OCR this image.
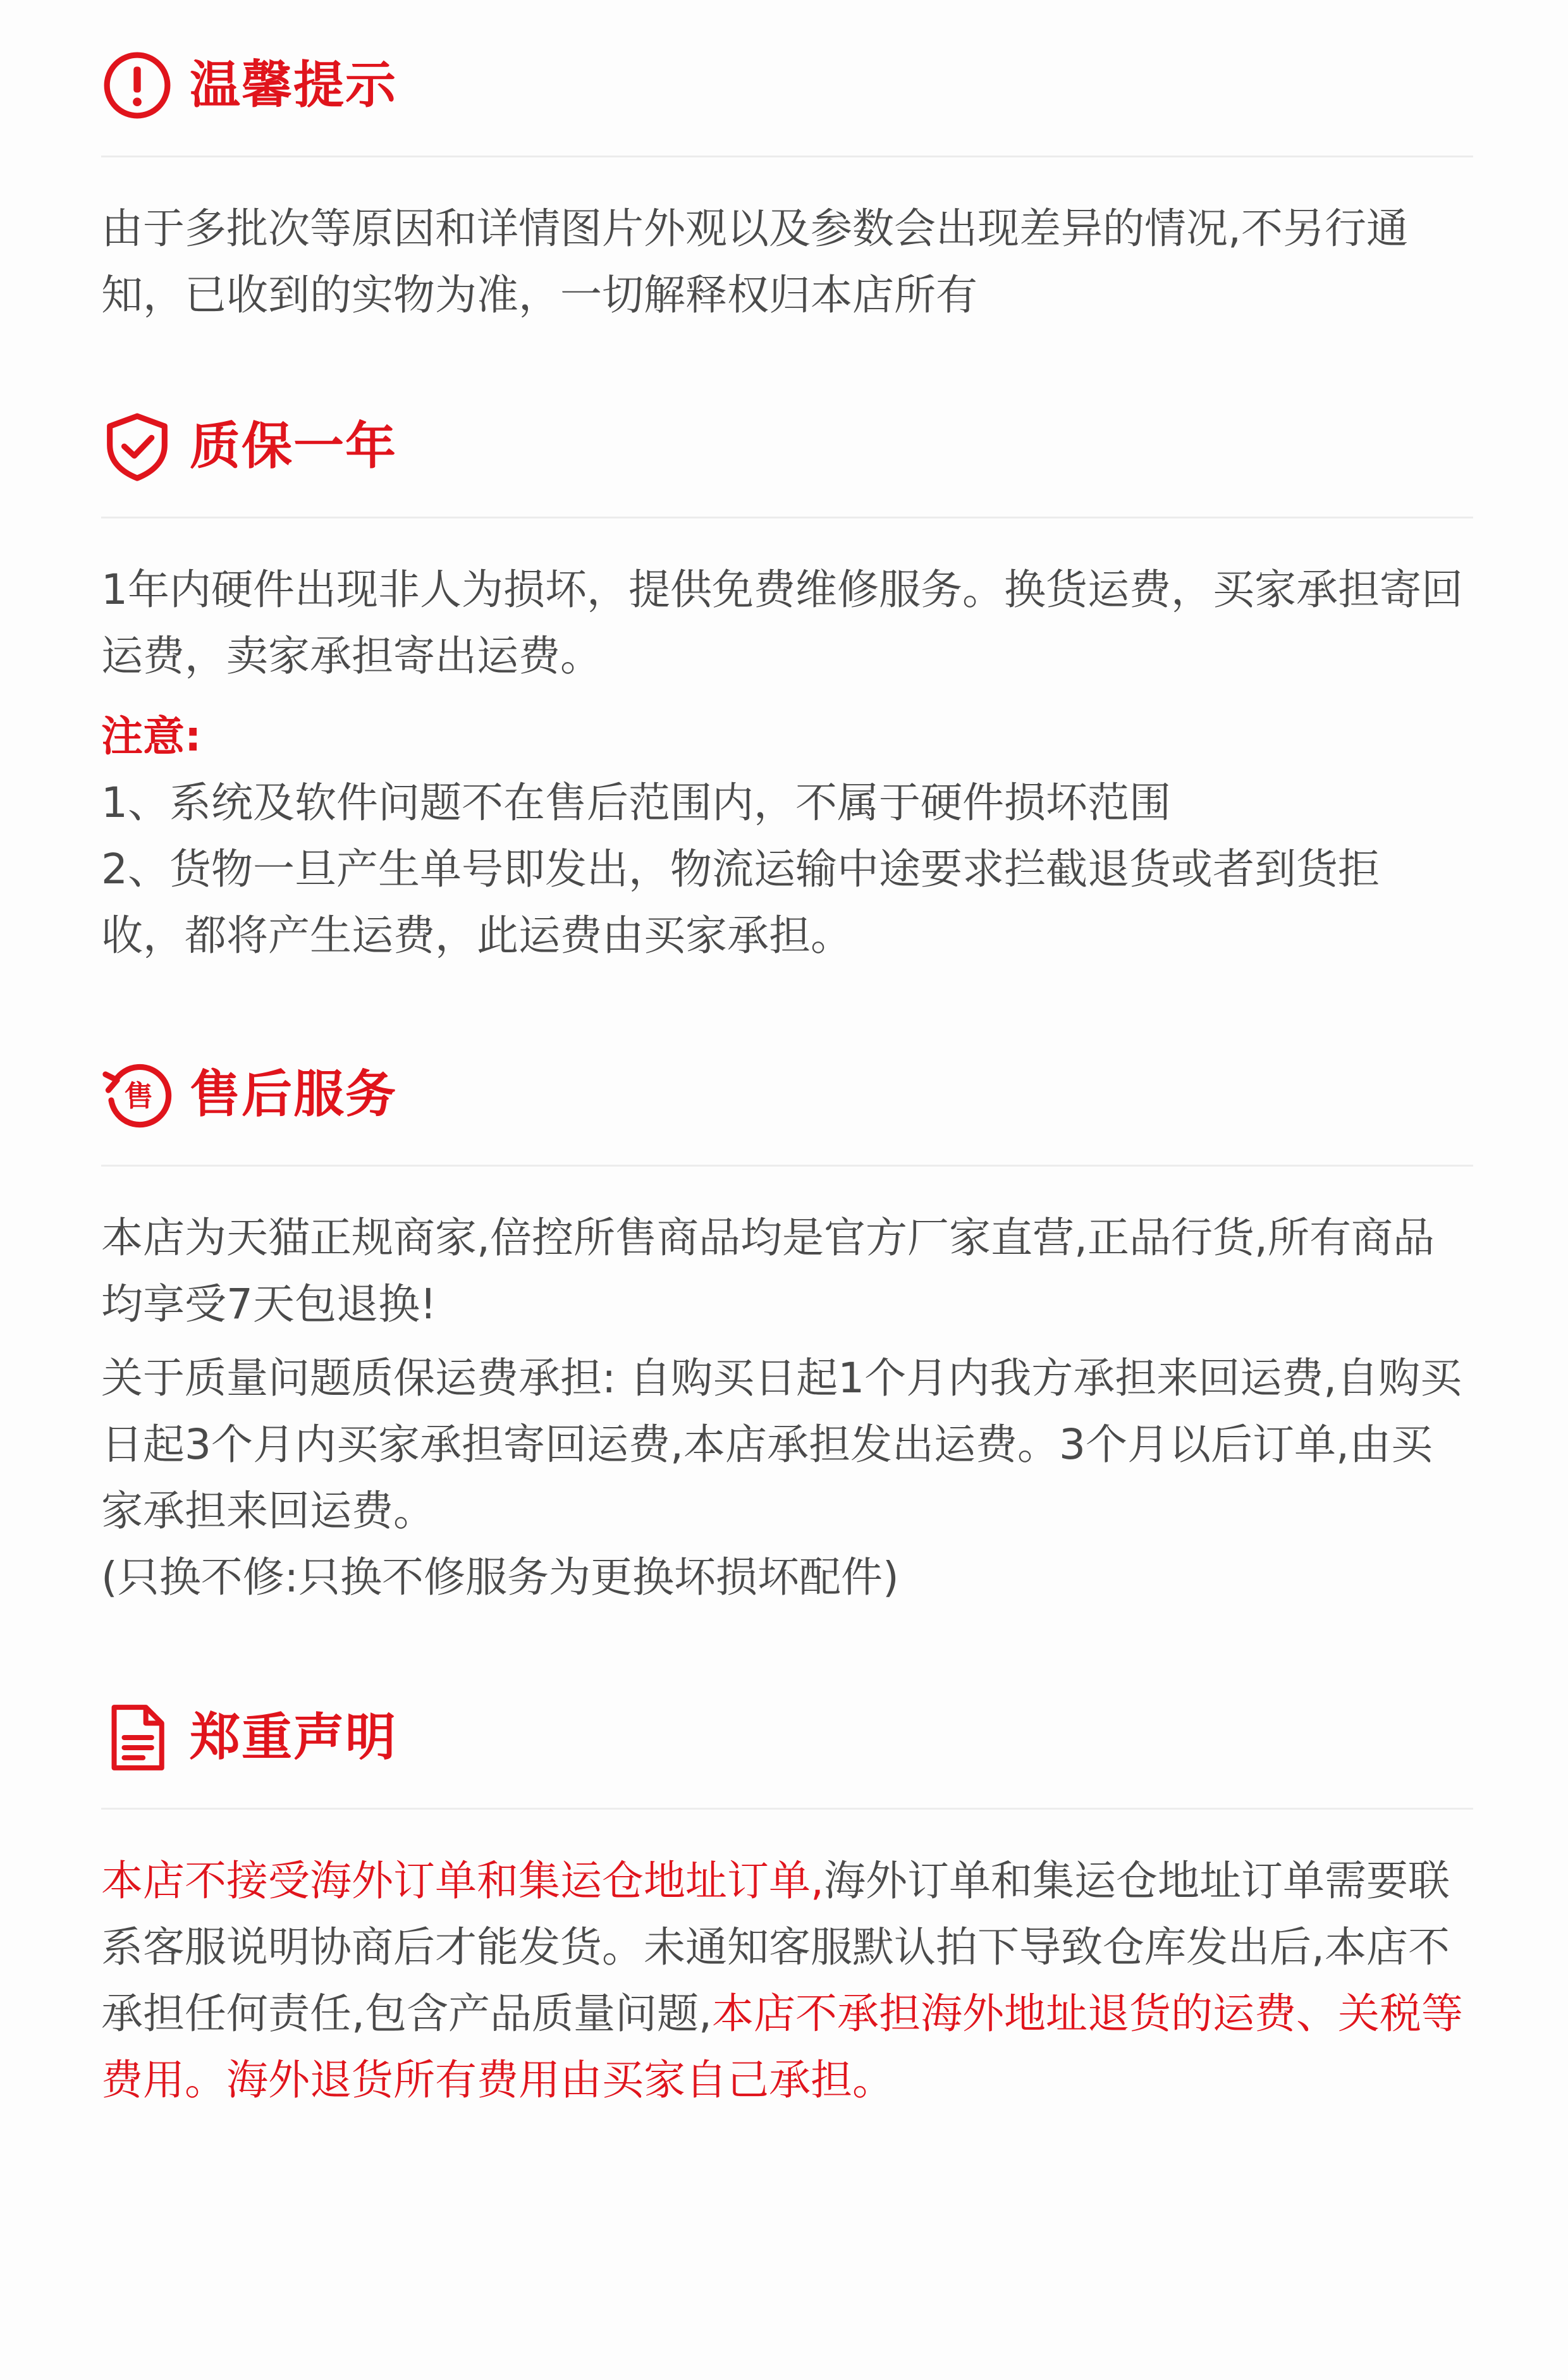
温馨提示

由于多批次等原因和详情图片外观以及参数会出现差异的情况,不另行通知，已收到的实物为准，一切解释权归本店所有

质保一年

1年内硬件出现非人为损坏，提供免费维修服务。换货运费，买家承担寄回运费，卖家承担寄出运费。

注意:

1、系统及软件问题不在售后范围内，不属于硬件损坏范围

2、货物一旦产生单号即发出，物流运输中途要求拦截退货或者到货拒收，都将产生运费，此运费由买家承担。

售 售后服务

本店为天猫正规商家,倍控所售商品均是官方厂家直营,正品行货,所有商品均享受7天包退换!

关于质量问题质保运费承担: 自购买日起1个月内我方承担来回运费,自购买日起3个月内买家承担寄回运费,本店承担发出运费。3个月以后订单,由买家承担来回运费。

(只换不修:只换不修服务为更换坏损坏配件)

郑重声明

本店不接受海外订单和集运仓地址订单,海外订单和集运仓地址订单需要联系客服说明协商后才能发货。未通知客服默认拍下导致仓库发出后,本店不承担任何责任,包含产品质量问题,本店不承担海外地址退货的运费、关税等费用。海外退货所有费用由买家自己承担。
